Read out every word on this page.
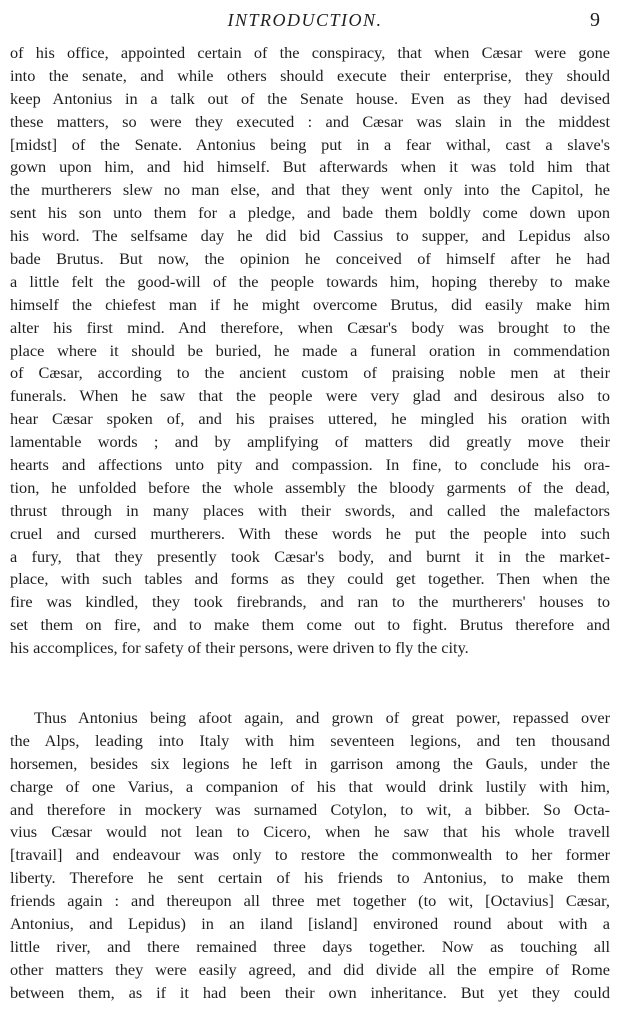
INTRODUCTION.	9
of his office, appointed certain of the conspiracy, that when Cæsar were gone
into the senate, and while others should execute their enterprise, they should
keep Antonius in a talk out of the Senate house. Even as they had devised
these matters, so were they executed : and Cæsar was slain in the middest
[midst] of the Senate. Antonius being put in a fear withal, cast a slave's
gown upon him, and hid himself. But afterwards when it was told him that
the murtherers slew no man else, and that they went only into the Capitol, he
sent his son unto them for a pledge, and bade them boldly come down upon
his word. The selfsame day he did bid Cassius to supper, and Lepidus also
bade Brutus. But now, the opinion he conceived of himself after he had
a little felt the good-will of the people towards him, hoping thereby to make
himself the chiefest man if he might overcome Brutus, did easily make him
alter his first mind. And therefore, when Cæsar's body was brought to the
place where it should be buried, he made a funeral oration in commendation
of Cæsar, according to the ancient custom of praising noble men at their
funerals. When he saw that the people were very glad and desirous also to
hear Cæsar spoken of, and his praises uttered, he mingled his oration with
lamentable words ; and by amplifying of matters did greatly move their
hearts and affections unto pity and compassion. In fine, to conclude his ora-
tion, he unfolded before the whole assembly the bloody garments of the dead,
thrust through in many places with their swords, and called the malefactors
cruel and cursed murtherers. With these words he put the people into such
a fury, that they presently took Cæsar's body, and burnt it in the market-
place, with such tables and forms as they could get together. Then when the
fire was kindled, they took firebrands, and ran to the murtherers' houses to
set them on fire, and to make them come out to fight. Brutus therefore and
his accomplices, for safety of their persons, were driven to fly the city.
Thus Antonius being afoot again, and grown of great power, repassed over
the Alps, leading into Italy with him seventeen legions, and ten thousand
horsemen, besides six legions he left in garrison among the Gauls, under the
charge of one Varius, a companion of his that would drink lustily with him,
and therefore in mockery was surnamed Cotylon, to wit, a bibber. So Octa-
vius Cæsar would not lean to Cicero, when he saw that his whole travell
[travail] and endeavour was only to restore the commonwealth to her former
liberty. Therefore he sent certain of his friends to Antonius, to make them
friends again : and thereupon all three met together (to wit, [Octavius] Cæsar,
Antonius, and Lepidus) in an iland [island] environed round about with a
little river, and there remained three days together. Now as touching all
other matters they were easily agreed, and did divide all the empire of Rome
between them, as if it had been their own inheritance. But yet they could
